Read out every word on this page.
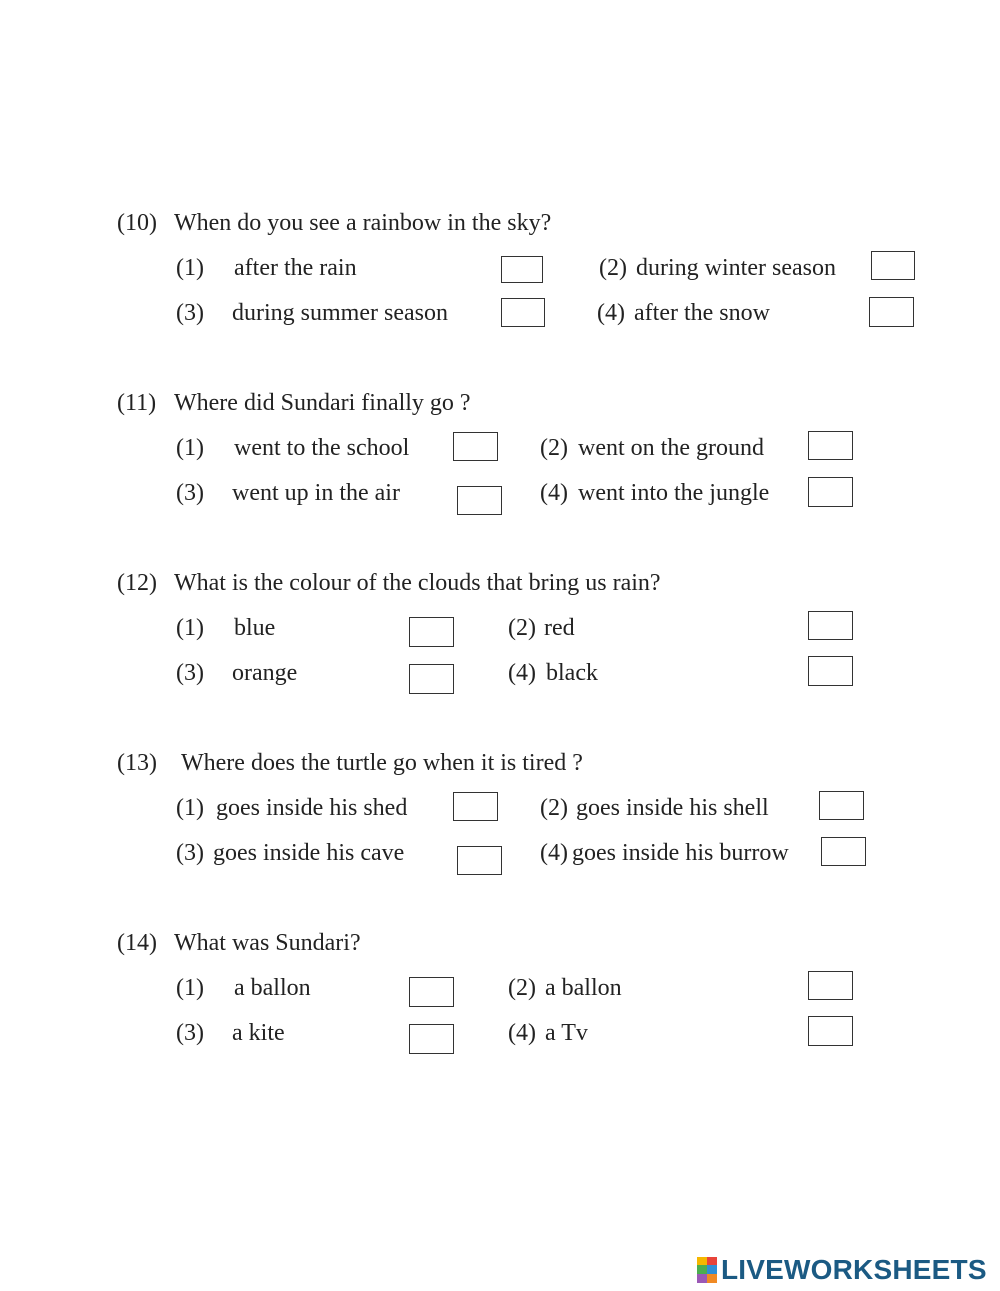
(10) When do you see a rainbow in the sky?
(1) after the rain	(2) during winter season
(3) during summer season	(4) after the snow
(11) Where did Sundari finally go ?
(1) went to the school	(2) went on the ground
(3) went up in the air	(4) went into the jungle
(12) What is the colour of the clouds that bring us rain?
(1) blue	(2) red
(3) orange	(4) black
(13) Where does the turtle go when it is tired ?
(1) goes inside his shed	(2) goes inside his shell
(3) goes inside his cave	(4) goes inside his burrow
(14) What was Sundari?
(1) a ballon	(2) a ballon
(3) a kite	(4) a Tv
LIVEWORKSHEETS
